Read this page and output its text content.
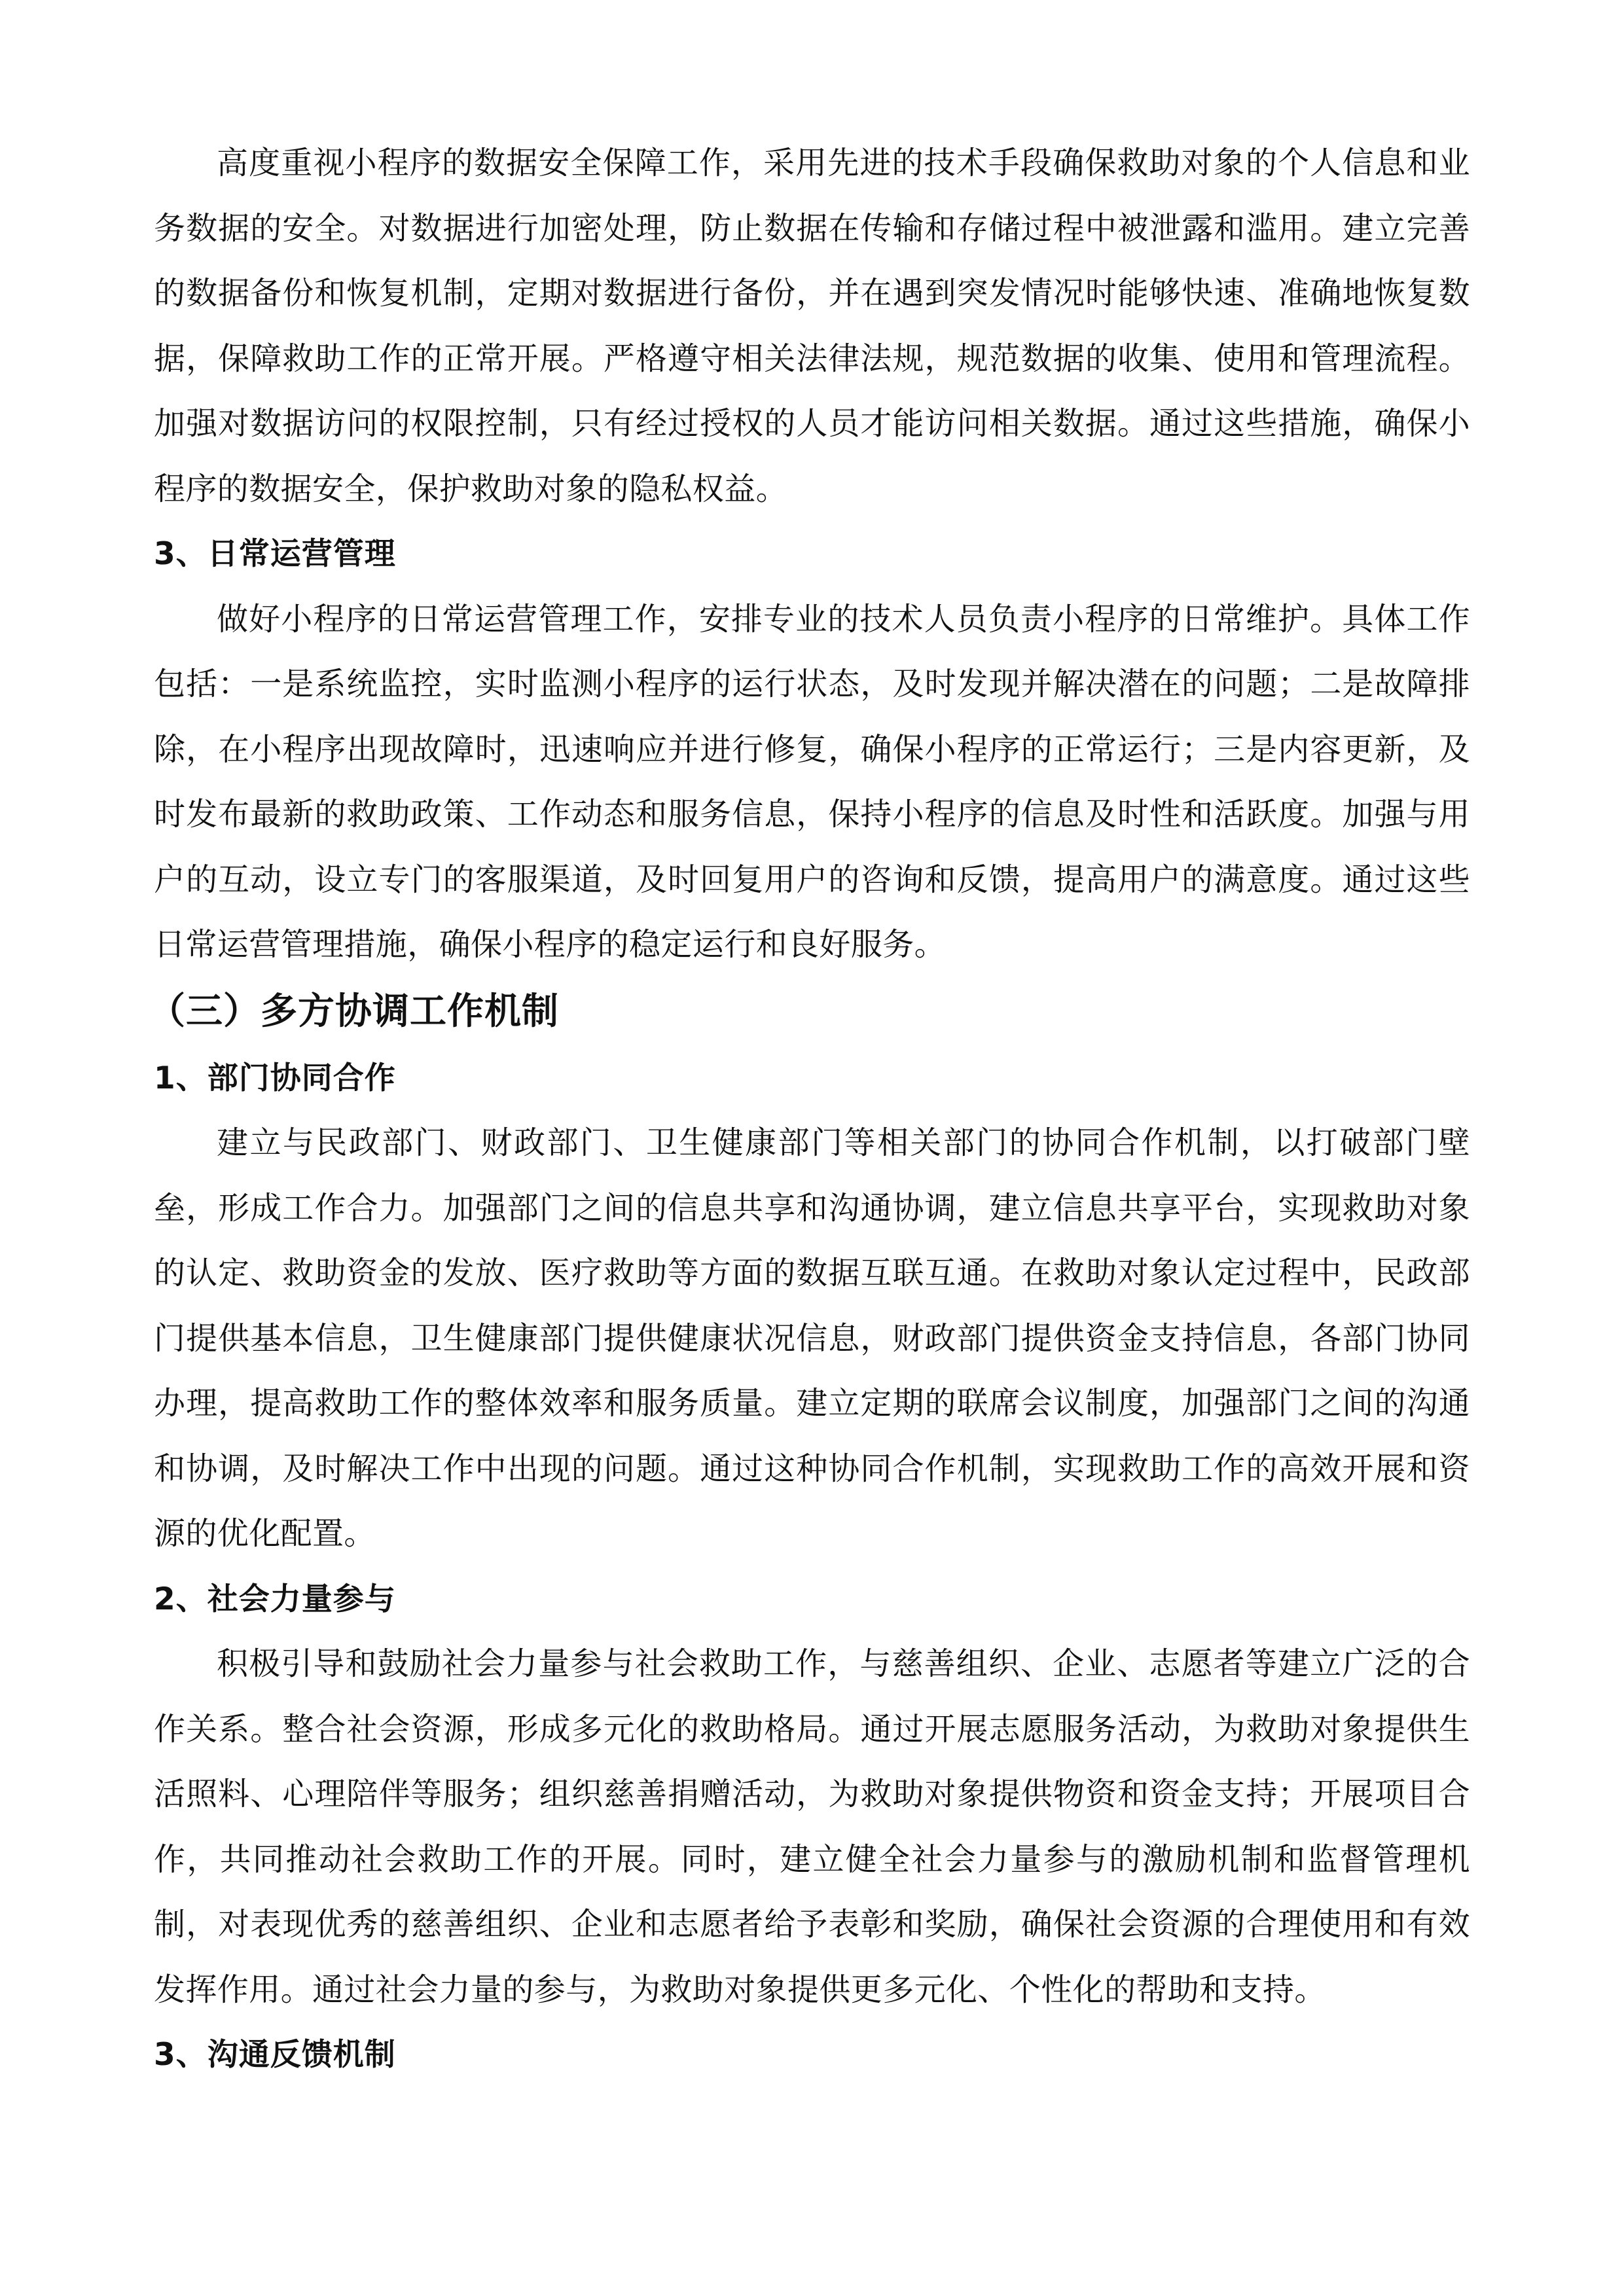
高度重视小程序的数据安全保障工作，采用先进的技术手段确保救助对象的个人信息和业务数据的安全。对数据进行加密处理，防止数据在传输和存储过程中被泄露和滥用。建立完善的数据备份和恢复机制，定期对数据进行备份，并在遇到突发情况时能够快速、准确地恢复数据，保障救助工作的正常开展。严格遵守相关法律法规，规范数据的收集、使用和管理流程。加强对数据访问的权限控制，只有经过授权的人员才能访问相关数据。通过这些措施，确保小程序的数据安全，保护救助对象的隐私权益。

3、日常运营管理

做好小程序的日常运营管理工作，安排专业的技术人员负责小程序的日常维护。具体工作包括：一是系统监控，实时监测小程序的运行状态，及时发现并解决潜在的问题；二是故障排除，在小程序出现故障时，迅速响应并进行修复，确保小程序的正常运行；三是内容更新，及时发布最新的救助政策、工作动态和服务信息，保持小程序的信息及时性和活跃度。加强与用户的互动，设立专门的客服渠道，及时回复用户的咨询和反馈，提高用户的满意度。通过这些日常运营管理措施，确保小程序的稳定运行和良好服务。

（三）多方协调工作机制
1、部门协同合作

建立与民政部门、财政部门、卫生健康部门等相关部门的协同合作机制，以打破部门壁垒，形成工作合力。加强部门之间的信息共享和沟通协调，建立信息共享平台，实现救助对象的认定、救助资金的发放、医疗救助等方面的数据互联互通。在救助对象认定过程中，民政部门提供基本信息，卫生健康部门提供健康状况信息，财政部门提供资金支持信息，各部门协同办理，提高救助工作的整体效率和服务质量。建立定期的联席会议制度，加强部门之间的沟通和协调，及时解决工作中出现的问题。通过这种协同合作机制，实现救助工作的高效开展和资源的优化配置。

2、社会力量参与

积极引导和鼓励社会力量参与社会救助工作，与慈善组织、企业、志愿者等建立广泛的合作关系。整合社会资源，形成多元化的救助格局。通过开展志愿服务活动，为救助对象提供生活照料、心理陪伴等服务；组织慈善捐赠活动，为救助对象提供物资和资金支持；开展项目合作，共同推动社会救助工作的开展。同时，建立健全社会力量参与的激励机制和监督管理机制，对表现优秀的慈善组织、企业和志愿者给予表彰和奖励，确保社会资源的合理使用和有效发挥作用。通过社会力量的参与，为救助对象提供更多元化、个性化的帮助和支持。

3、沟通反馈机制
